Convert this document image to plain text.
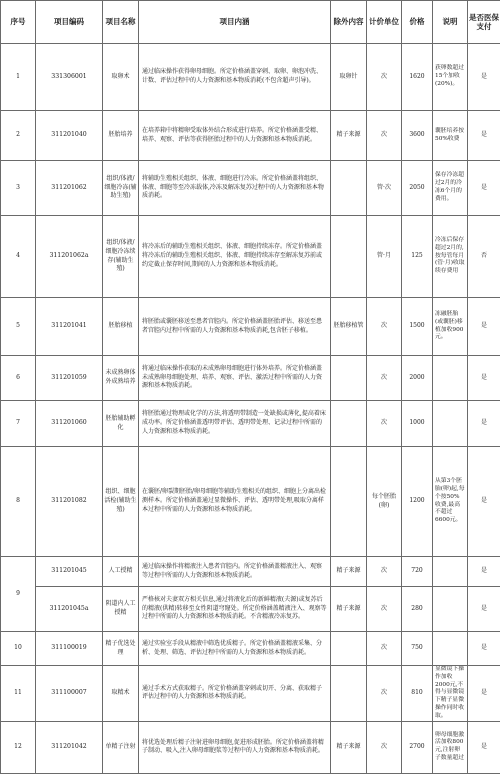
序号	项目编码	项目名称	项目内涵	除外内容	计价单位	价格	说明	是否医保支付
1	331306001	取卵术	通过临床操作获得卵母细胞。所定价格涵盖穿刺、取卵、卵泡冲洗、计数、评估过程中的人力资源和基本物质消耗(不包含超声引导)。	取卵针	次	1620	获卵数超过15个加收(20%)。	是
2	311201040	胚胎培养	在培养箱中将精卵受取体外结合形成进行培养。所定价格涵盖受精、培养、观察、评估等获得胚胎过程中的人力资源和基本物质消耗。	精子来源	次	3600	囊胚培养按50%收费	是
3	311201062	组织/体液/细胞冷冻(辅助生殖)	将辅助生殖相关组织、体液、细胞进行冷冻。所定价格涵盖将组织、体液、细胞等至冷冻载体,冷冻及解冻复苏过程中的人力资源和基本物质消耗。		管·次	2050	保存冷冻超过2月的冷冻6个月的费用。	是
4	311201062a	组织/体液/细胞冷冻续存(辅助生殖)	将冷冻后的辅助生殖相关组织、体液、细胞持续冻存。所定价格涵盖将冷冻后的辅助生殖相关组织、体液、细胞持续冻存至解冻复苏前或约定截止保存时间,期间的人力资源和基本物质消耗。		管·月	125	冷冻后保存超过2月的,按每管每月(管·月)收取续存费用	否
5	311201041	胚胎移植	将胚胎或囊胚移送至患者宫腔内。所定价格涵盖胚胎评估、移送至患者宫腔内过程中所需的人力资源和基本物质消耗,包含胚子移植。	胚胎移植管	次	1500	冻融胚胎(或囊胚)移植加收900元。	是
6	311201059	未成熟卵体外成熟培养	将通过临床操作获取的未成熟卵母细胞进行体外培养。所定价格涵盖未成熟卵母细胞处理、培养、观察、评估、激活过程中所需的人力资源和基本物质消耗。		次	2000		是
7	311201060	胚胎辅助孵化	将胚胎通过物理或化学的方法,将透明带制造一处缺损或薄化,提高着床成功率。所定价格涵盖透明带评估、透明带处理、记录过程中所需的人力资源和基本物质消耗。		次	1000		是
8	311201082	组织、细胞活检(辅助生殖)	在囊胚/卵裂期胚胎/卵母细胞等辅助生殖相关的组织、细胞上分离出检测样本。所定价格涵盖通过显微操作、评估、透明带处理,吸取分离样本过程中所需的人力资源和基本物质消耗。		每个胚胎(卵)	1200	从第3个胚胎(卵)起,每个按50%收费,最高不超过6600元。	是
9	311201045	人工授精	通过临床操作将精液注入患者宫腔内。所定价格涵盖精液注入、观察等过程中所需的人力资源和基本物质消耗。	精子来源	次	720		是
	311201045a	阴道内人工授精	严格核对夫妻双方相关信息,通过将液化后的新鲜精液(夫源)或复苏后的精液(供精)转移至女性阴道穹窿处。所定价格涵盖精液注入、观察等过程中所需的人力资源和基本物质消耗。不含精液冷冻复苏。	精子来源	次	280		是
10	311100019	精子优选处理	通过实验室手段从精液中筛选优质精子。所定价格涵盖精液采集、分析、处理、筛选、评估过程中所需的人力资源和基本物质消耗。		次	750		是
11	311100007	取精术	通过手术方式获取精子。所定价格涵盖穿刺或切开、分离、获取精子评估过程中的人力资源和基本物质消耗。		次	810	显微镜下操作加收2000元,不得与显微镜下精子显微操作同时收取。	是
12	311201042	单精子注射	将优选处理后精子注射进卵母细胞,促进形成胚胎。所定价格涵盖将精子制动、吸入,注入卵母细胞浆等过程中的人力资源和基本物质消耗。	精子来源	次	2700	卵母细胞激活加收800元,注射卵子数量超过	是
